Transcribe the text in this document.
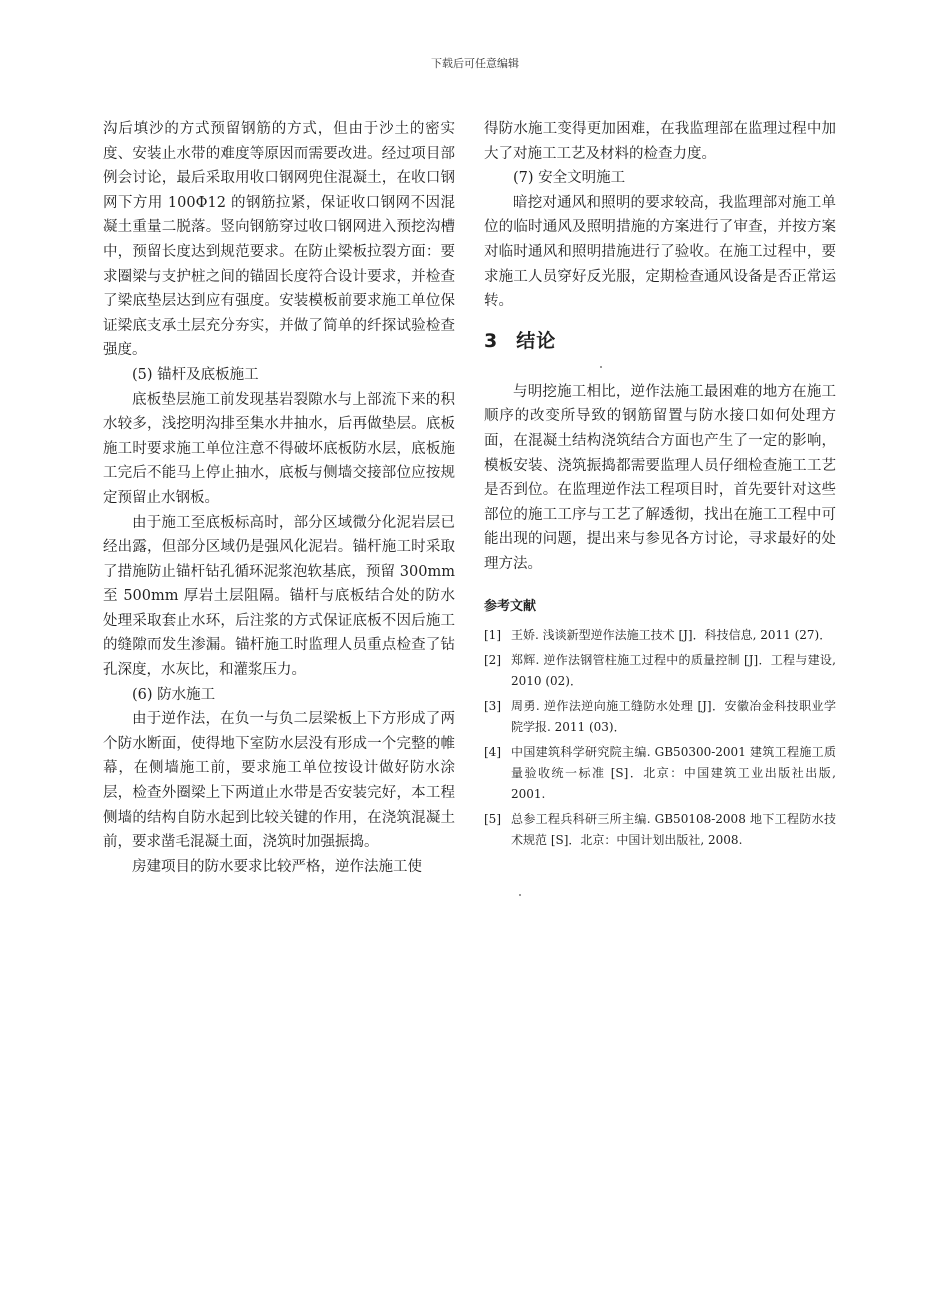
下载后可任意编辑

沟后填沙的方式预留钢筋的方式，但由于沙土的密实度、安装止水带的难度等原因而需要改进。经过项目部例会讨论，最后采取用收口钢网兜住混凝土，在收口钢网下方用 100Φ12 的钢筋拉紧，保证收口钢网不因混凝土重量二脱落。竖向钢筋穿过收口钢网进入预挖沟槽中，预留长度达到规范要求。在防止梁板拉裂方面：要求圈梁与支护桩之间的锚固长度符合设计要求，并检查了梁底垫层达到应有强度。安装模板前要求施工单位保证梁底支承土层充分夯实，并做了简单的纤探试验检查强度。

(5) 锚杆及底板施工

底板垫层施工前发现基岩裂隙水与上部流下来的积水较多，浅挖明沟排至集水井抽水，后再做垫层。底板施工时要求施工单位注意不得破坏底板防水层，底板施工完后不能马上停止抽水，底板与侧墙交接部位应按规定预留止水钢板。

由于施工至底板标高时，部分区域微分化泥岩层已经出露，但部分区域仍是强风化泥岩。锚杆施工时采取了措施防止锚杆钻孔循环泥浆泡软基底，预留 300mm 至 500mm 厚岩土层阻隔。锚杆与底板结合处的防水处理采取套止水环，后注浆的方式保证底板不因后施工的缝隙而发生渗漏。锚杆施工时监理人员重点检查了钻孔深度，水灰比，和灌浆压力。

(6) 防水施工

由于逆作法，在负一与负二层梁板上下方形成了两个防水断面，使得地下室防水层没有形成一个完整的帷幕，在侧墙施工前，要求施工单位按设计做好防水涂层，检查外圈梁上下两道止水带是否安装完好，本工程侧墙的结构自防水起到比较关键的作用，在浇筑混凝土前，要求凿毛混凝土面，浇筑时加强振捣。

房建项目的防水要求比较严格，逆作法施工使

得防水施工变得更加困难，在我监理部在监理过程中加大了对施工工艺及材料的检查力度。

(7) 安全文明施工

暗挖对通风和照明的要求较高，我监理部对施工单位的临时通风及照明措施的方案进行了审查，并按方案对临时通风和照明措施进行了验收。在施工过程中，要求施工人员穿好反光服，定期检查通风设备是否正常运转。

3 结论

与明挖施工相比，逆作法施工最困难的地方在施工顺序的改变所导致的钢筋留置与防水接口如何处理方面，在混凝土结构浇筑结合方面也产生了一定的影响，模板安装、浇筑振捣都需要监理人员仔细检查施工工艺是否到位。在监理逆作法工程项目时，首先要针对这些部位的施工工序与工艺了解透彻，找出在施工工程中可能出现的问题，提出来与参见各方讨论，寻求最好的处理方法。

参考文献
[1] 王娇. 浅谈新型逆作法施工技术 [J]．科技信息, 2011 (27)．
[2] 郑辉. 逆作法钢管柱施工过程中的质量控制 [J]．工程与建设, 2010 (02)．
[3] 周勇. 逆作法逆向施工缝防水处理 [J]．安徽冶金科技职业学院学报. 2011 (03)．
[4] 中国建筑科学研究院主编. GB50300-2001 建筑工程施工质量验收统一标准 [S]．北京：中国建筑工业出版社出版, 2001.
[5] 总参工程兵科研三所主编. GB50108-2008 地下工程防水技术规范 [S]．北京：中国计划出版社, 2008.
